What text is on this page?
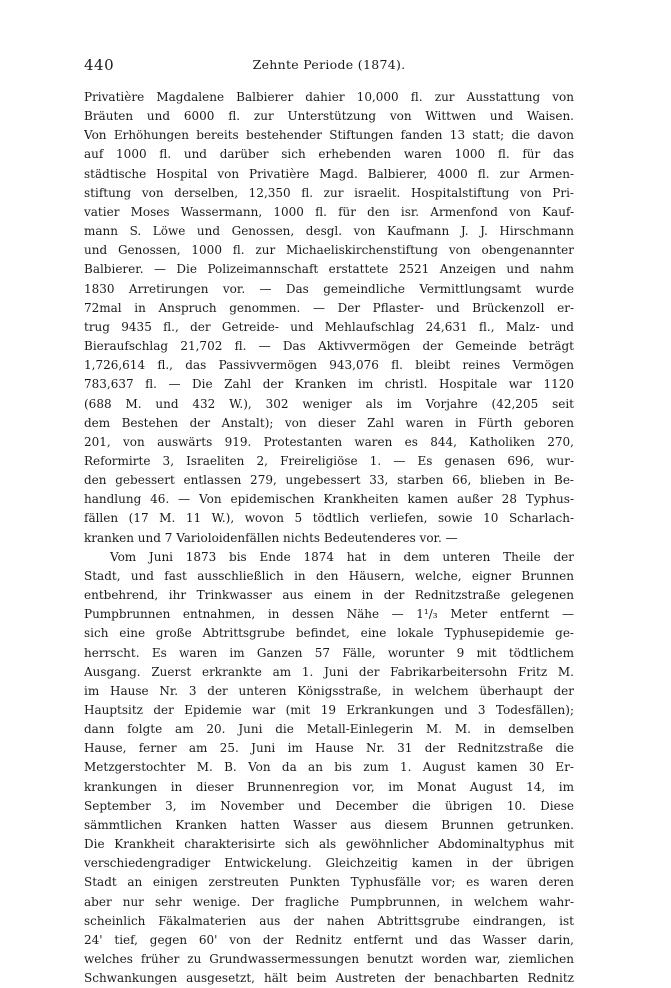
440	Zehnte Periode (1874).
Privatière Magdalene Balbierer dahier 10,000 fl. zur Ausstattung von
Bräuten und 6000 fl. zur Unterstützung von Wittwen und Waisen.
Von Erhöhungen bereits bestehender Stiftungen fanden 13 statt; die davon
auf 1000 fl. und darüber sich erhebenden waren 1000 fl. für das
städtische Hospital von Privatière Magd. Balbierer, 4000 fl. zur Armen-
stiftung von derselben, 12,350 fl. zur israelit. Hospitalstiftung von Pri-
vatier Moses Wassermann, 1000 fl. für den isr. Armenfond von Kauf-
mann S. Löwe und Genossen, desgl. von Kaufmann J. J. Hirschmann
und Genossen, 1000 fl. zur Michaeliskirchenstiftung von obengenannter
Balbierer. — Die Polizeimannschaft erstattete 2521 Anzeigen und nahm
1830 Arretirungen vor. — Das gemeindliche Vermittlungsamt wurde
72mal in Anspruch genommen. — Der Pflaster- und Brückenzoll er-
trug 9435 fl., der Getreide- und Mehlaufschlag 24,631 fl., Malz- und
Bieraufschlag 21,702 fl. — Das Aktivvermögen der Gemeinde beträgt
1,726,614 fl., das Passivvermögen 943,076 fl. bleibt reines Vermögen
783,637 fl. — Die Zahl der Kranken im christl. Hospitale war 1120
(688 M. und 432 W.), 302 weniger als im Vorjahre (42,205 seit
dem Bestehen der Anstalt); von dieser Zahl waren in Fürth geboren
201, von auswärts 919. Protestanten waren es 844, Katholiken 270,
Reformirte 3, Israeliten 2, Freireligiöse 1. — Es genasen 696, wur-
den gebessert entlassen 279, ungebessert 33, starben 66, blieben in Be-
handlung 46. — Von epidemischen Krankheiten kamen außer 28 Typhus-
fällen (17 M. 11 W.), wovon 5 tödtlich verliefen, sowie 10 Scharlach-
kranken und 7 Varioloidenfällen nichts Bedeutenderes vor. —
Vom Juni 1873 bis Ende 1874 hat in dem unteren Theile der
Stadt, und fast ausschließlich in den Häusern, welche, eigner Brunnen
entbehrend, ihr Trinkwasser aus einem in der Rednitzstraße gelegenen
Pumpbrunnen entnahmen, in dessen Nähe — 1¹/₃ Meter entfernt —
sich eine große Abtrittsgrube befindet, eine lokale Typhusepidemie ge-
herrscht. Es waren im Ganzen 57 Fälle, worunter 9 mit tödtlichem
Ausgang. Zuerst erkrankte am 1. Juni der Fabrikarbeitersohn Fritz M.
im Hause Nr. 3 der unteren Königsstraße, in welchem überhaupt der
Hauptsitz der Epidemie war (mit 19 Erkrankungen und 3 Todesfällen);
dann folgte am 20. Juni die Metall-Einlegerin M. M. in demselben
Hause, ferner am 25. Juni im Hause Nr. 31 der Rednitzstraße die
Metzgerstochter M. B. Von da an bis zum 1. August kamen 30 Er-
krankungen in dieser Brunnenregion vor, im Monat August 14, im
September 3, im November und December die übrigen 10. Diese
sämmtlichen Kranken hatten Wasser aus diesem Brunnen getrunken.
Die Krankheit charakterisirte sich als gewöhnlicher Abdominaltyphus mit
verschiedengradiger Entwickelung. Gleichzeitig kamen in der übrigen
Stadt an einigen zerstreuten Punkten Typhusfälle vor; es waren deren
aber nur sehr wenige. Der fragliche Pumpbrunnen, in welchem wahr-
scheinlich Fäkalmaterien aus der nahen Abtrittsgrube eindrangen, ist
24' tief, gegen 60' von der Rednitz entfernt und das Wasser darin,
welches früher zu Grundwassermessungen benutzt worden war, ziemlichen
Schwankungen ausgesetzt, hält beim Austreten der benachbarten Rednitz
